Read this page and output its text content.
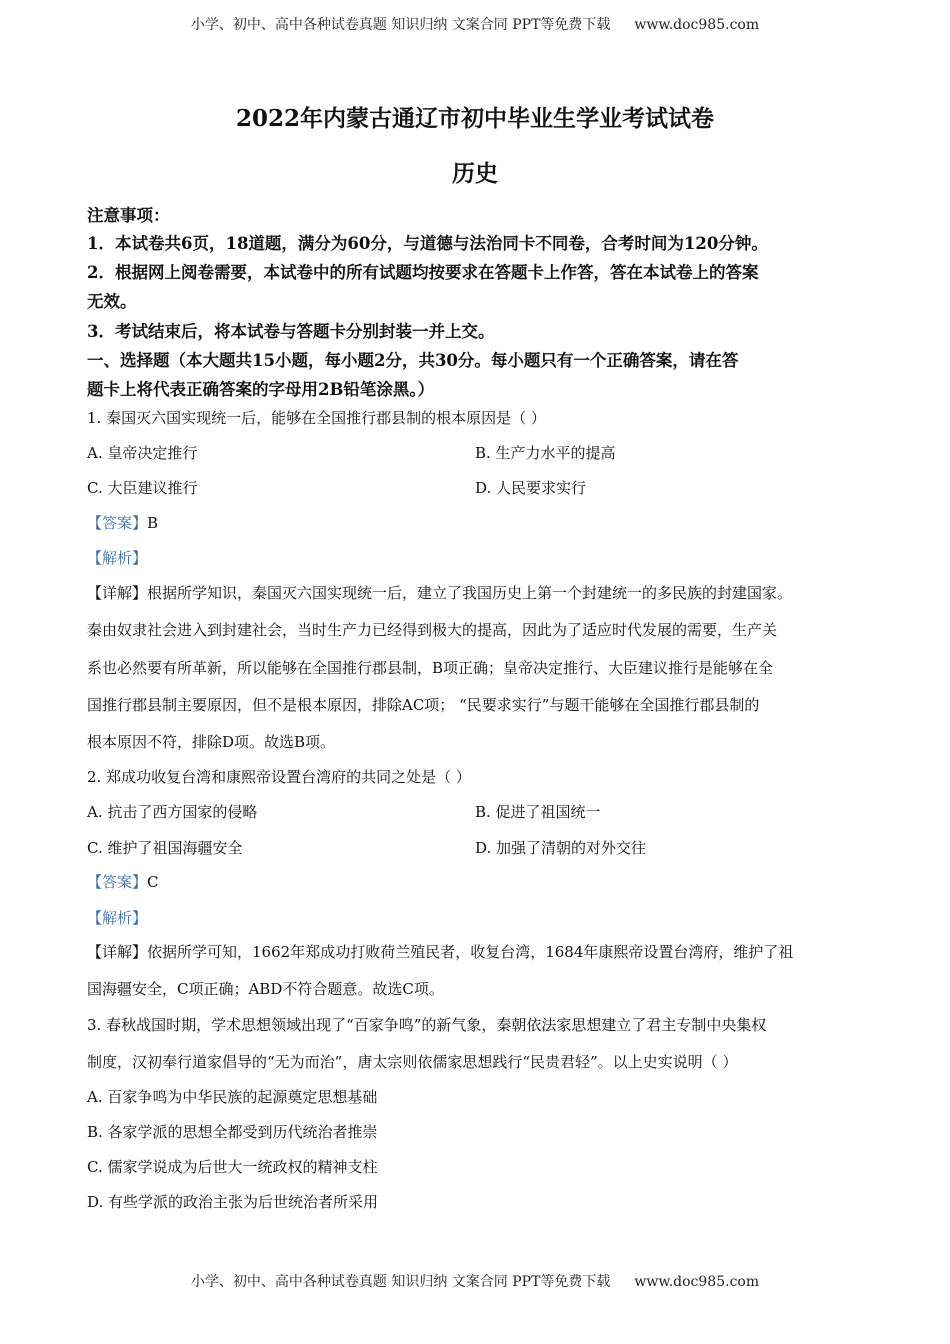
小学、初中、高中各种试卷真题 知识归纳 文案合同 PPT等免费下载 www.doc985.com
2022年内蒙古通辽市初中毕业生学业考试试卷
历史
注意事项：
1．本试卷共6页，18道题，满分为60分，与道德与法治同卡不同卷，合考时间为120分钟。
2．根据网上阅卷需要，本试卷中的所有试题均按要求在答题卡上作答，答在本试卷上的答案
无效。
3．考试结束后，将本试卷与答题卡分别封装一并上交。
一、选择题（本大题共15小题，每小题2分，共30分。每小题只有一个正确答案，请在答
题卡上将代表正确答案的字母用2B铅笔涂黑。）
1. 秦国灭六国实现统一后，能够在全国推行郡县制的根本原因是（ ）
A. 皇帝决定推行	B. 生产力水平的提高
C. 大臣建议推行	D. 人民要求实行
【答案】B
【解析】
【详解】根据所学知识，秦国灭六国实现统一后，建立了我国历史上第一个封建统一的多民族的封建国家。
秦由奴隶社会进入到封建社会，当时生产力已经得到极大的提高，因此为了适应时代发展的需要，生产关
系也必然要有所革新，所以能够在全国推行郡县制，B项正确；皇帝决定推行、大臣建议推行是能够在全
国推行郡县制主要原因，但不是根本原因，排除AC项； “民要求实行”与题干能够在全国推行郡县制的
根本原因不符，排除D项。故选B项。
2. 郑成功收复台湾和康熙帝设置台湾府的共同之处是（ ）
A. 抗击了西方国家的侵略	B. 促进了祖国统一
C. 维护了祖国海疆安全	D. 加强了清朝的对外交往
【答案】C
【解析】
【详解】依据所学可知，1662年郑成功打败荷兰殖民者，收复台湾，1684年康熙帝设置台湾府，维护了祖
国海疆安全，C项正确；ABD不符合题意。故选C项。
3. 春秋战国时期，学术思想领域出现了“百家争鸣”的新气象，秦朝依法家思想建立了君主专制中央集权
制度，汉初奉行道家倡导的“无为而治”，唐太宗则依儒家思想践行“民贵君轻”。以上史实说明（ ）
A. 百家争鸣为中华民族的起源奠定思想基础
B. 各家学派的思想全都受到历代统治者推崇
C. 儒家学说成为后世大一统政权的精神支柱
D. 有些学派的政治主张为后世统治者所采用
小学、初中、高中各种试卷真题 知识归纳 文案合同 PPT等免费下载 www.doc985.com
